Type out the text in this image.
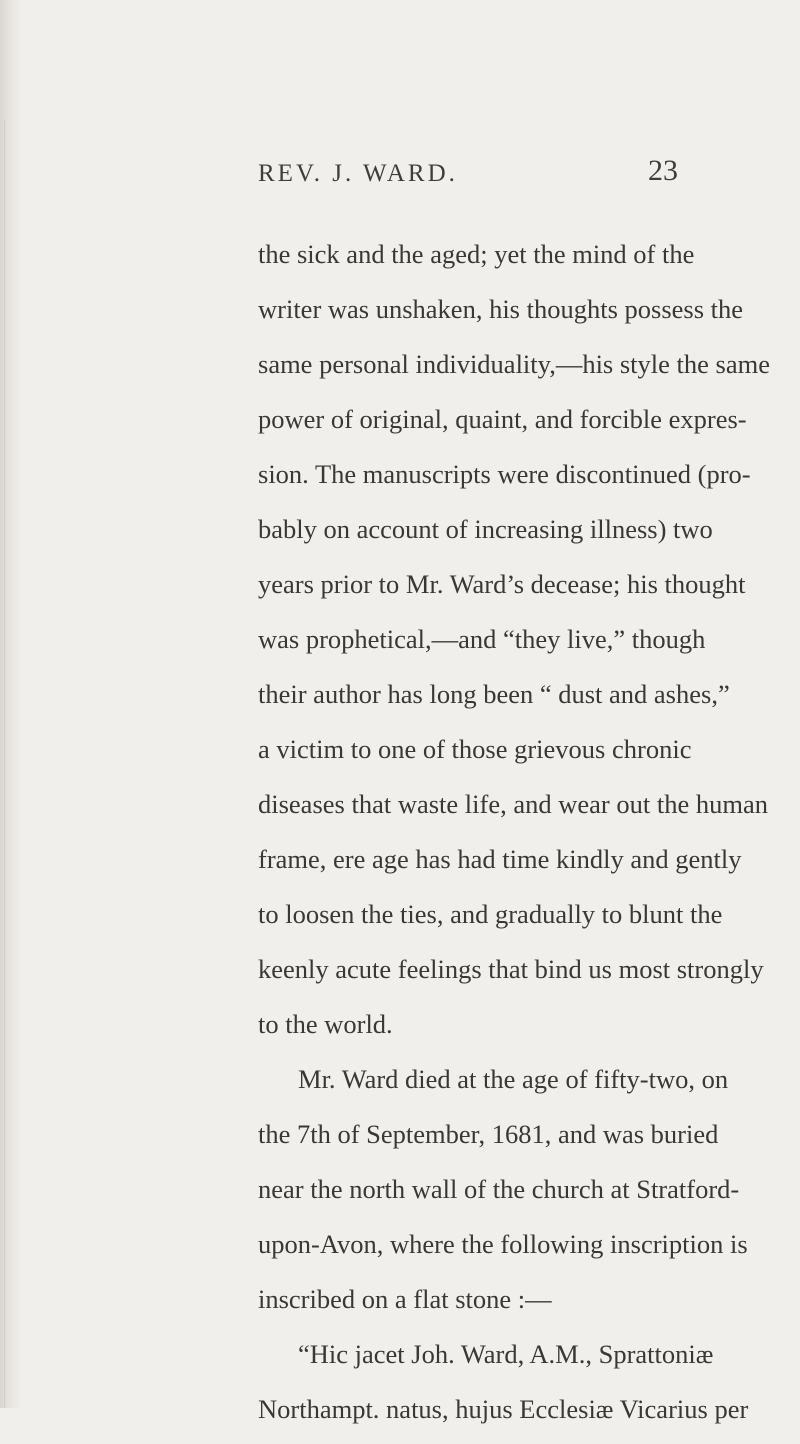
REV. J. WARD.	23
the sick and the aged; yet the mind of the
writer was unshaken, his thoughts possess the
same personal individuality,—his style the same
power of original, quaint, and forcible expres-
sion. The manuscripts were discontinued (pro-
bably on account of increasing illness) two
years prior to Mr. Ward’s decease; his thought
was prophetical,—and “they live,” though
their author has long been “ dust and ashes,”
a victim to one of those grievous chronic
diseases that waste life, and wear out the human
frame, ere age has had time kindly and gently
to loosen the ties, and gradually to blunt the
keenly acute feelings that bind us most strongly
to the world.
Mr. Ward died at the age of fifty-two, on
the 7th of September, 1681, and was buried
near the north wall of the church at Stratford-
upon-Avon, where the following inscription is
inscribed on a flat stone :—
“Hic jacet Joh. Ward, A.M., Sprattoniæ
Northampt. natus, hujus Ecclesiæ Vicarius per
